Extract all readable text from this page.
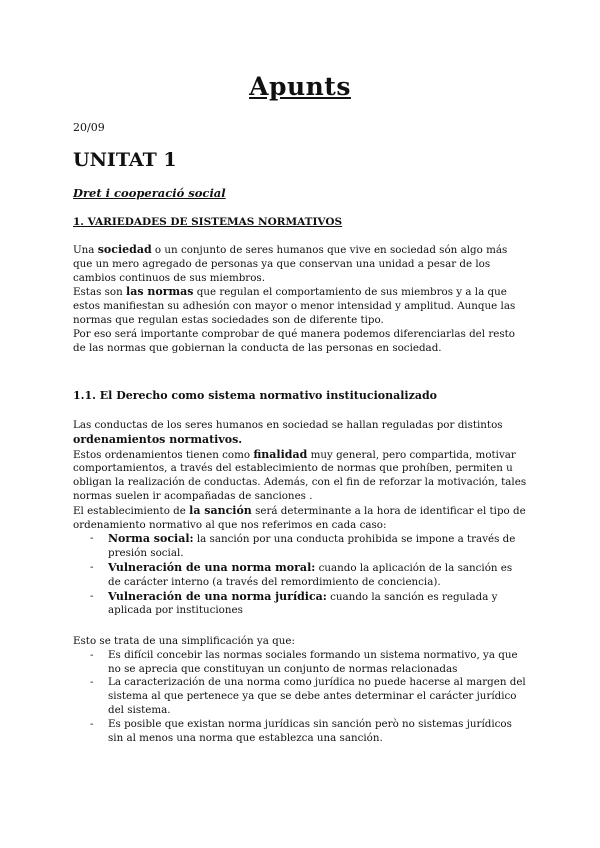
Apunts

20/09

UNITAT 1

Dret i cooperació social

1. VARIEDADES DE SISTEMAS NORMATIVOS

Una sociedad o un conjunto de seres humanos que vive en sociedad són algo más que un mero agregado de personas ya que conservan una unidad a pesar de los cambios continuos de sus miembros.

Estas son las normas que regulan el comportamiento de sus miembros y a la que estos manifiestan su adhesión con mayor o menor intensidad y amplitud. Aunque las normas que regulan estas sociedades son de diferente tipo.

Por eso será importante comprobar de qué manera podemos diferenciarlas del resto de las normas que gobiernan la conducta de las personas en sociedad.

1.1. El Derecho como sistema normativo institucionalizado

Las conductas de los seres humanos en sociedad se hallan reguladas por distintos ordenamientos normativos.

Estos ordenamientos tienen como finalidad muy general, pero compartida, motivar comportamientos, a través del establecimiento de normas que prohíben, permiten u obligan la realización de conductas. Además, con el fin de reforzar la motivación, tales normas suelen ir acompañadas de sanciones .

El establecimiento de la sanción será determinante a la hora de identificar el tipo de ordenamiento normativo al que nos referimos en cada caso:

- Norma social: la sanción por una conducta prohibida se impone a través de presión social.
- Vulneración de una norma moral: cuando la aplicación de la sanción es de carácter interno (a través del remordimiento de conciencia).
- Vulneración de una norma jurídica: cuando la sanción es regulada y aplicada por instituciones

Esto se trata de una simplificación ya que:

- Es difícil concebir las normas sociales formando un sistema normativo, ya que no se aprecia que constituyan un conjunto de normas relacionadas
- La caracterización de una norma como jurídica no puede hacerse al margen del sistema al que pertenece ya que se debe antes determinar el carácter jurídico del sistema.
- Es posible que existan norma jurídicas sin sanción però no sistemas jurídicos sin al menos una norma que establezca una sanción.
